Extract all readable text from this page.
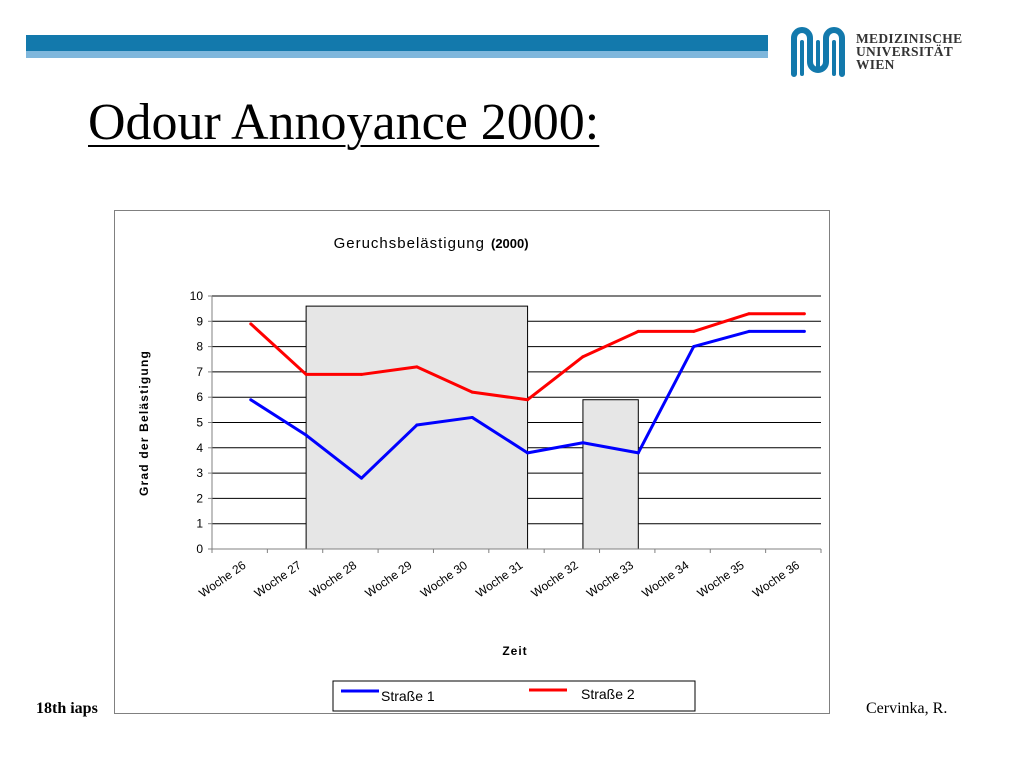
MEDIZINISCHE
UNIVERSITÄT
WIEN
Odour Annoyance 2000:
18th iaps	Cervinka, R.
Geruchsbelästigung (2000)
0
1
2
3
4
5
6
7
8
9
10
Woche 26 Woche 27 Woche 28 Woche 29 Woche 30 Woche 31 Woche 32 Woche 33 Woche 34 Woche 35 Woche 36
Grad der Belästigung
Zeit
Straße 1	Straße 2
